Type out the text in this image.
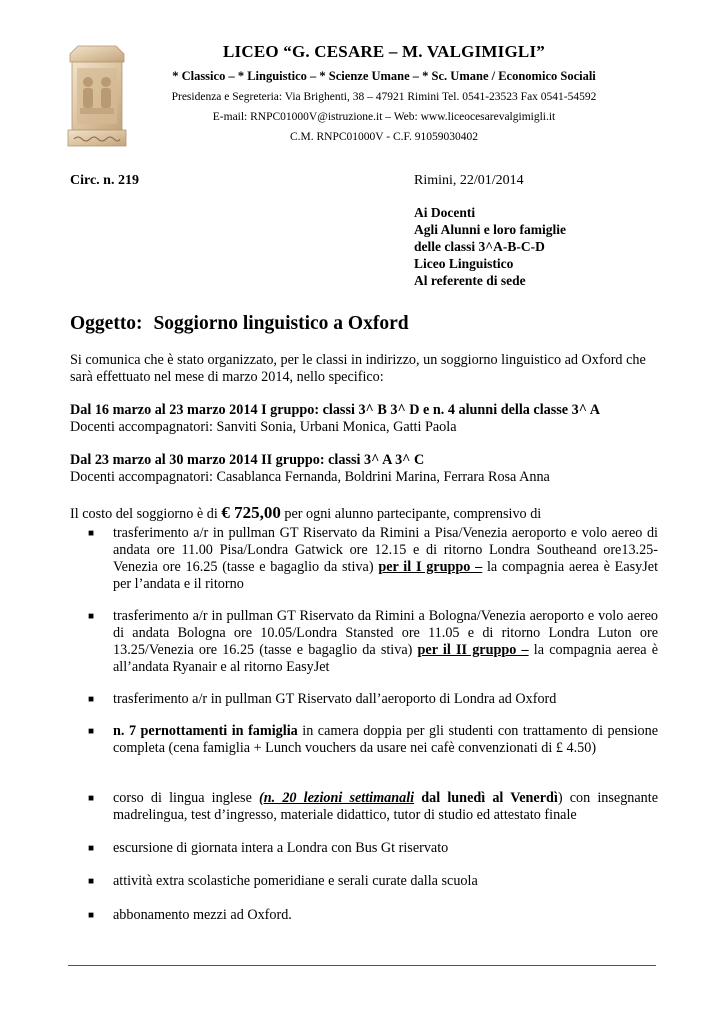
LICEO “G. CESARE – M. VALGIMIGLI”
* Classico – * Linguistico – * Scienze Umane – * Sc. Umane / Economico Sociali
Presidenza e Segreteria: Via Brighenti, 38 – 47921 Rimini Tel. 0541-23523 Fax 0541-54592
E-mail: RNPC01000V@istruzione.it – Web: www.liceocesarevalgimigli.it
C.M. RNPC01000V - C.F. 91059030402
Circ. n. 219	Rimini, 22/01/2014
Ai Docenti
Agli Alunni e loro famiglie
delle classi 3^A-B-C-D
Liceo Linguistico
Al referente di sede
Oggetto: Soggiorno linguistico a Oxford
Si comunica che è stato organizzato, per le classi in indirizzo, un soggiorno linguistico ad Oxford che sarà effettuato nel mese di marzo 2014, nello specifico:
Dal 16 marzo al 23 marzo 2014 I gruppo: classi 3^ B 3^ D e n. 4 alunni della classe 3^ A
Docenti accompagnatori: Sanviti Sonia, Urbani Monica, Gatti Paola
Dal 23 marzo al 30 marzo 2014 II gruppo: classi 3^ A 3^ C
Docenti accompagnatori: Casablanca Fernanda, Boldrini Marina, Ferrara Rosa Anna
Il costo del soggiorno è di € 725,00 per ogni alunno partecipante, comprensivo di
■	trasferimento a/r in pullman GT Riservato da Rimini a Pisa/Venezia aeroporto e volo aereo di andata ore 11.00 Pisa/Londra Gatwick ore 12.15 e di ritorno Londra Southeand ore13.25-Venezia ore 16.25 (tasse e bagaglio da stiva) per il I gruppo – la compagnia aerea è EasyJet per l’andata e il ritorno
■	trasferimento a/r in pullman GT Riservato da Rimini a Bologna/Venezia aeroporto e volo aereo di andata Bologna ore 10.05/Londra Stansted ore 11.05 e di ritorno Londra Luton ore 13.25/Venezia ore 16.25 (tasse e bagaglio da stiva) per il II gruppo – la compagnia aerea è all’andata Ryanair e al ritorno EasyJet
■	trasferimento a/r in pullman GT Riservato dall’aeroporto di Londra ad Oxford
■	n. 7 pernottamenti in famiglia in camera doppia per gli studenti con trattamento di pensione completa (cena famiglia + Lunch vouchers da usare nei cafè convenzionati di £ 4.50)
■	corso di lingua inglese (n. 20 lezioni settimanali dal lunedì al Venerdì) con insegnante madrelingua, test d’ingresso, materiale didattico, tutor di studio ed attestato finale
■	escursione di giornata intera a Londra con Bus Gt riservato
■	attività extra scolastiche pomeridiane e serali curate dalla scuola
■	abbonamento mezzi ad Oxford.
